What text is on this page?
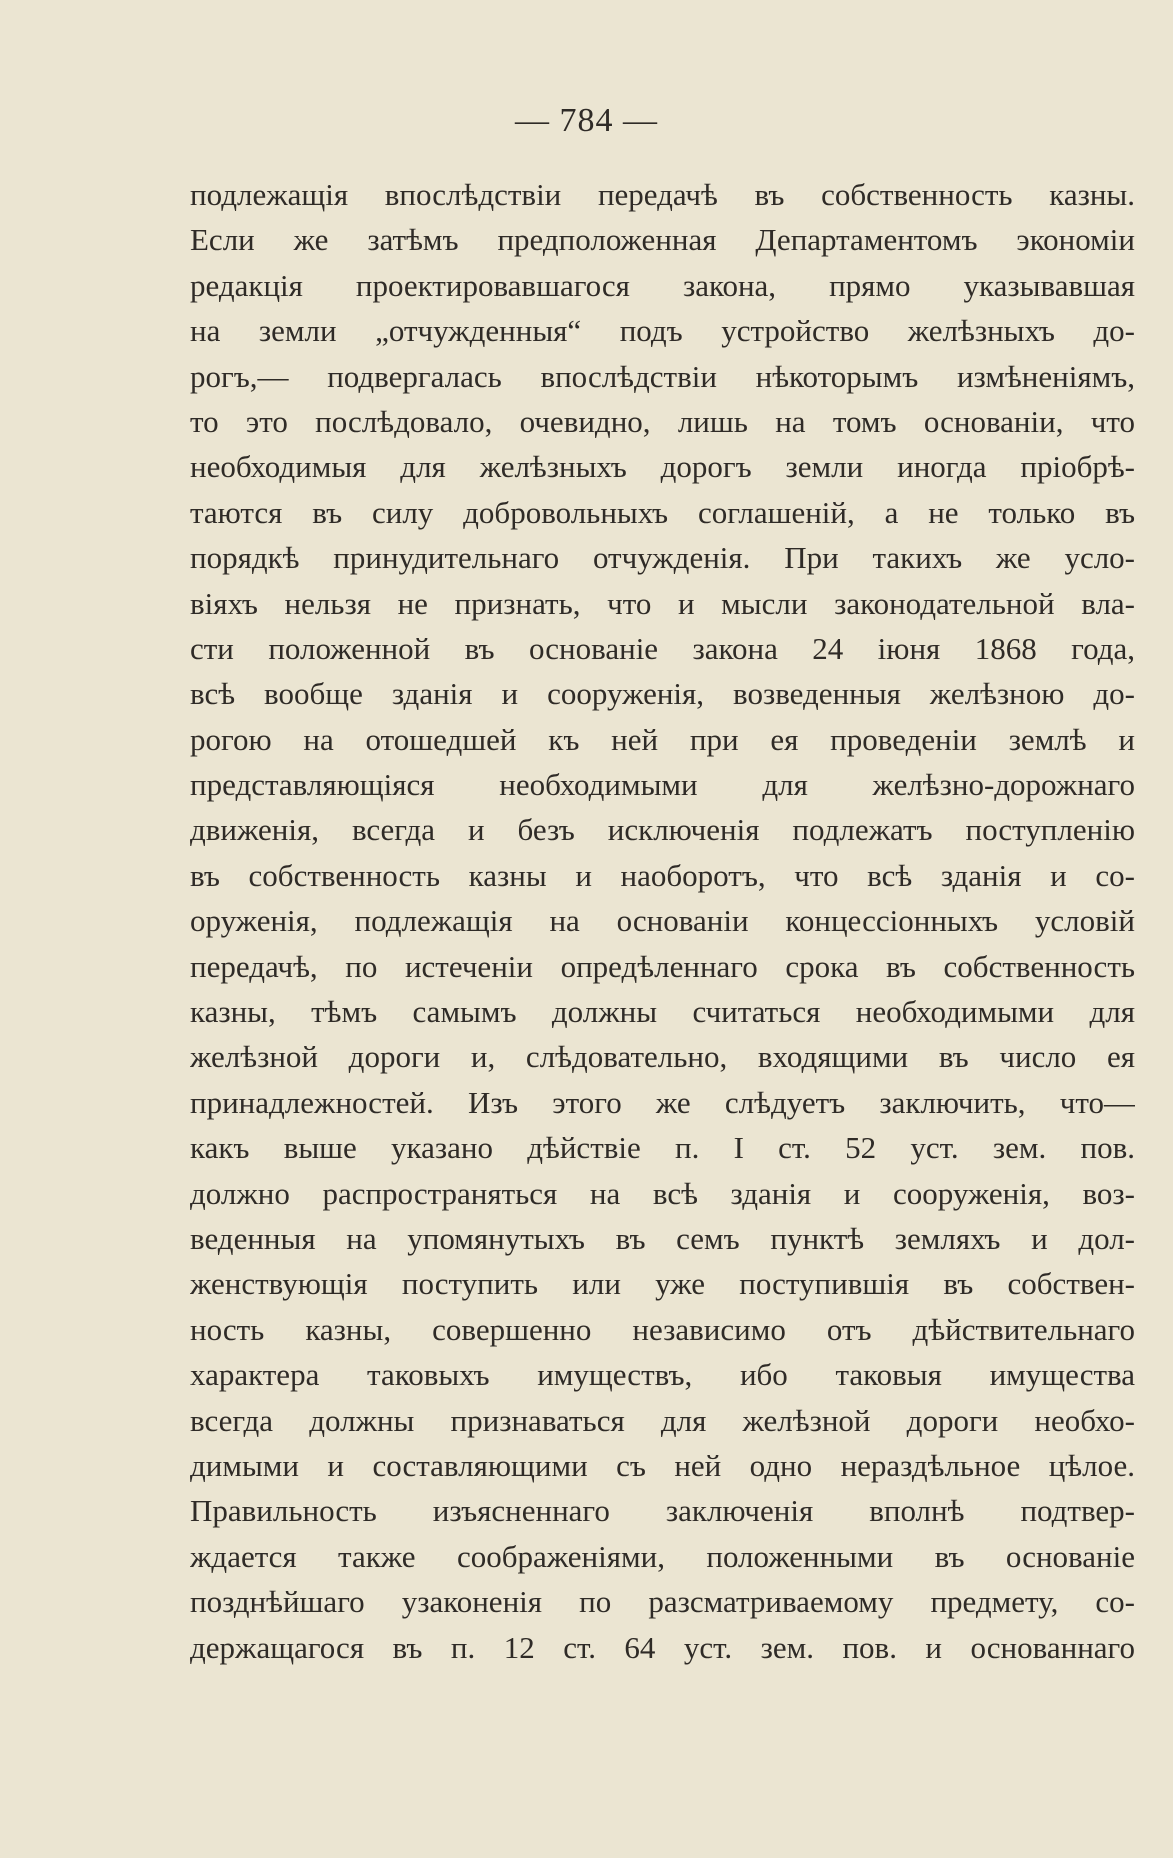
— 784 —
подлежащія впослѣдствіи передачѣ въ собственность казны.
Если же затѣмъ предположенная Департаментомъ экономіи
редакція проектировавшагося закона, прямо указывавшая
на земли „отчужденныя“ подъ устройство желѣзныхъ до-
рогъ,— подвергалась впослѣдствіи нѣкоторымъ измѣненіямъ,
то это послѣдовало, очевидно, лишь на томъ основаніи, что
необходимыя для желѣзныхъ дорогъ земли иногда пріобрѣ-
таются въ силу добровольныхъ соглашеній, а не только въ
порядкѣ принудительнаго отчужденія. При такихъ же усло-
віяхъ нельзя не признать, что и мысли законодательной вла-
сти положенной въ основаніе закона 24 іюня 1868 года,
всѣ вообще зданія и сооруженія, возведенныя желѣзною до-
рогою на отошедшей къ ней при ея проведеніи землѣ и
представляющіяся необходимыми для желѣзно-дорожнаго
движенія, всегда и безъ исключенія подлежатъ поступленію
въ собственность казны и наоборотъ, что всѣ зданія и со-
оруженія, подлежащія на основаніи концессіонныхъ условій
передачѣ, по истеченіи опредѣленнаго срока въ собственность
казны, тѣмъ самымъ должны считаться необходимыми для
желѣзной дороги и, слѣдовательно, входящими въ число ея
принадлежностей. Изъ этого же слѣдуетъ заключить, что—
какъ выше указано дѣйствіе п. I ст. 52 уст. зем. пов.
должно распространяться на всѣ зданія и сооруженія, воз-
веденныя на упомянутыхъ въ семъ пунктѣ земляхъ и дол-
женствующія поступить или уже поступившія въ собствен-
ность казны, совершенно независимо отъ дѣйствительнаго
характера таковыхъ имуществъ, ибо таковыя имущества
всегда должны признаваться для желѣзной дороги необхо-
димыми и составляющими съ ней одно нераздѣльное цѣлое.
Правильность изъясненнаго заключенія вполнѣ подтвер-
ждается также соображеніями, положенными въ основаніе
позднѣйшаго узаконенія по разсматриваемому предмету, со-
держащагося въ п. 12 ст. 64 уст. зем. пов. и основаннаго
